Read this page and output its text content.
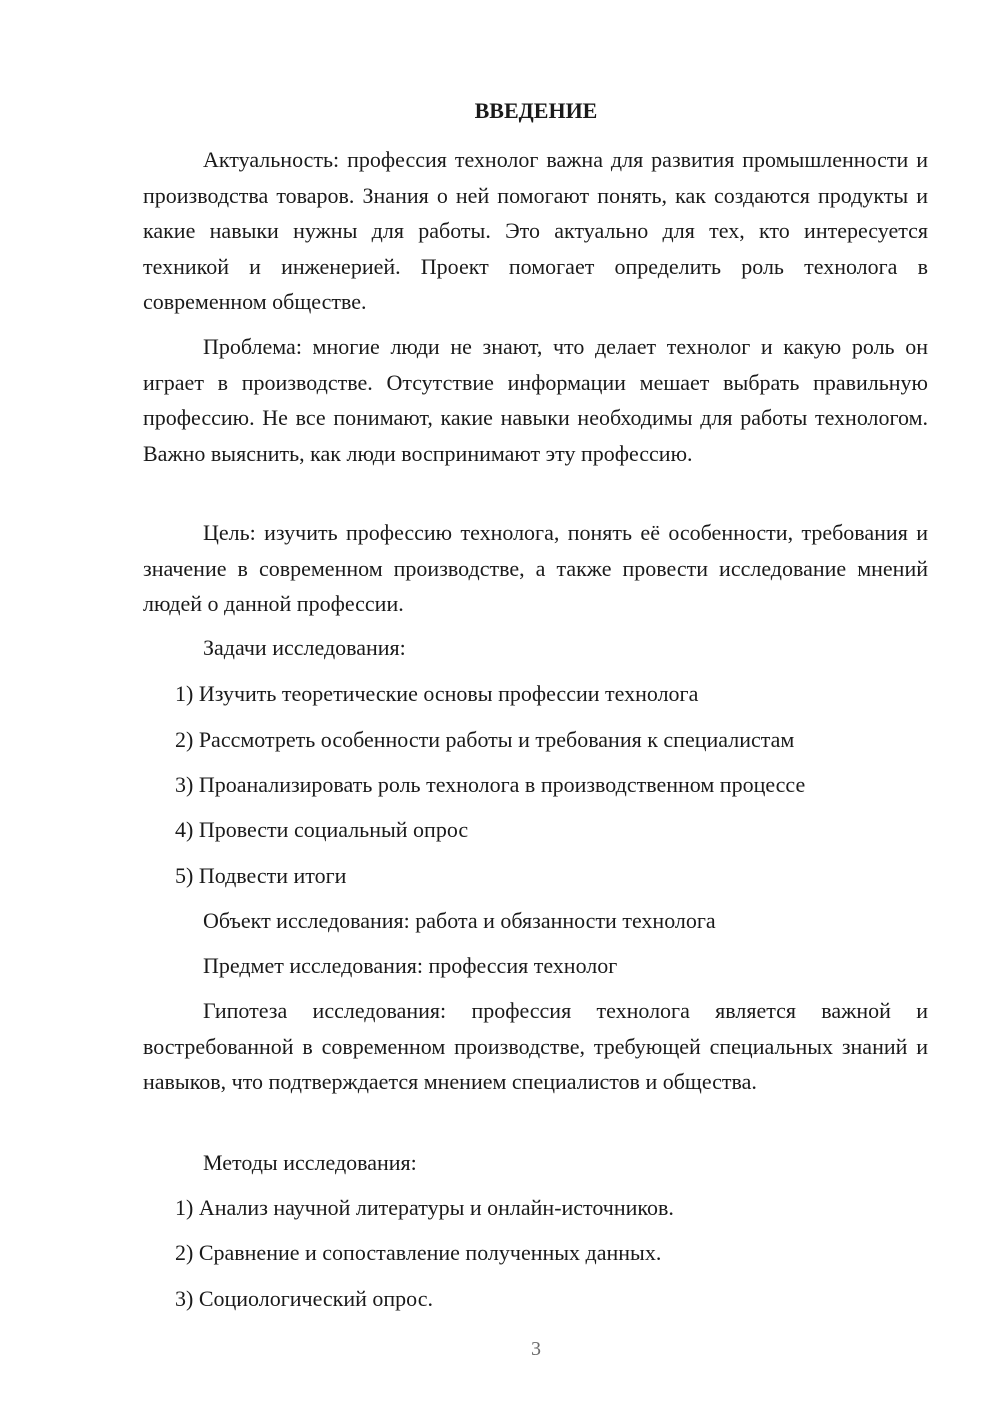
ВВЕДЕНИЕ

Актуальность: профессия технолог важна для развития промышленности и производства товаров. Знания о ней помогают понять, как создаются продукты и какие навыки нужны для работы. Это актуально для тех, кто интересуется техникой и инженерией. Проект помогает определить роль технолога в современном обществе.

Проблема: многие люди не знают, что делает технолог и какую роль он играет в производстве. Отсутствие информации мешает выбрать правильную профессию. Не все понимают, какие навыки необходимы для работы технологом. Важно выяснить, как люди воспринимают эту профессию.

Цель: изучить профессию технолога, понять её особенности, требования и значение в современном производстве, а также провести исследование мнений людей о данной профессии.

Задачи исследования:

1) Изучить теоретические основы профессии технолога

2) Рассмотреть особенности работы и требования к специалистам

3) Проанализировать роль технолога в производственном процессе

4) Провести социальный опрос

5) Подвести итоги

Объект исследования: работа и обязанности технолога

Предмет исследования: профессия технолог

Гипотеза исследования: профессия технолога является важной и востребованной в современном производстве, требующей специальных знаний и навыков, что подтверждается мнением специалистов и общества.

Методы исследования:

1) Анализ научной литературы и онлайн-источников.

2) Сравнение и сопоставление полученных данных.

3) Социологический опрос.

3
